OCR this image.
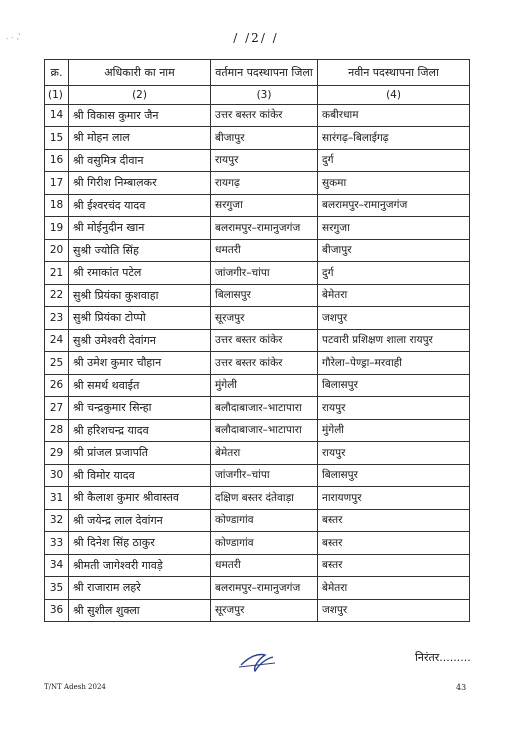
· · ,'	/ /2/ /
क्र.	अधिकारी का नाम	वर्तमान पदस्थापना जिला	नवीन पदस्थापना जिला
(1)	(2)	(3)	(4)
14	श्री विकास कुमार जैन	उत्तर बस्तर कांकेर	कबीरधाम
15	श्री मोहन लाल	बीजापुर	सारंगढ़–बिलाईगढ़
16	श्री वसुमित्र दीवान	रायपुर	दुर्ग
17	श्री गिरीश निम्बालकर	रायगढ़	सुकमा
18	श्री ईश्वरचंद यादव	सरगुजा	बलरामपुर–रामानुजगंज
19	श्री मोईनुदीन खान	बलरामपुर–रामानुजगंज	सरगुजा
20	सुश्री ज्योति सिंह	धमतरी	बीजापुर
21	श्री रमाकांत पटेल	जांजगीर–चांपा	दुर्ग
22	सुश्री प्रियंका कुशवाहा	बिलासपुर	बेमेतरा
23	सुश्री प्रियंका टोप्पो	सूरजपुर	जशपुर
24	सुश्री उमेश्वरी देवांगन	उत्तर बस्तर कांकेर	पटवारी प्रशिक्षण शाला रायपुर
25	श्री उमेश कुमार चौहान	उत्तर बस्तर कांकेर	गौरेला–पेण्ड्रा–मरवाही
26	श्री समर्थ थवाईत	मुंगेली	बिलासपुर
27	श्री चन्द्रकुमार सिन्हा	बलौदाबाजार–भाटापारा	रायपुर
28	श्री हरिशचन्द्र यादव	बलौदाबाजार–भाटापारा	मुंगेली
29	श्री प्रांजल प्रजापति	बेमेतरा	रायपुर
30	श्री विमोर यादव	जांजगीर–चांपा	बिलासपुर
31	श्री कैलाश कुमार श्रीवास्तव	दक्षिण बस्तर दंतेवाड़ा	नारायणपुर
32	श्री जयेन्द्र लाल देवांगन	कोण्डागांव	बस्तर
33	श्री दिनेश सिंह ठाकुर	कोण्डागांव	बस्तर
34	श्रीमती जागेश्वरी गावड़े	धमतरी	बस्तर
35	श्री राजाराम लहरे	बलरामपुर–रामानुजगंज	बेमेतरा
36	श्री सुशील शुक्ला	सूरजपुर	जशपुर
निरंतर.........
T/NT Adesh 2024	43
